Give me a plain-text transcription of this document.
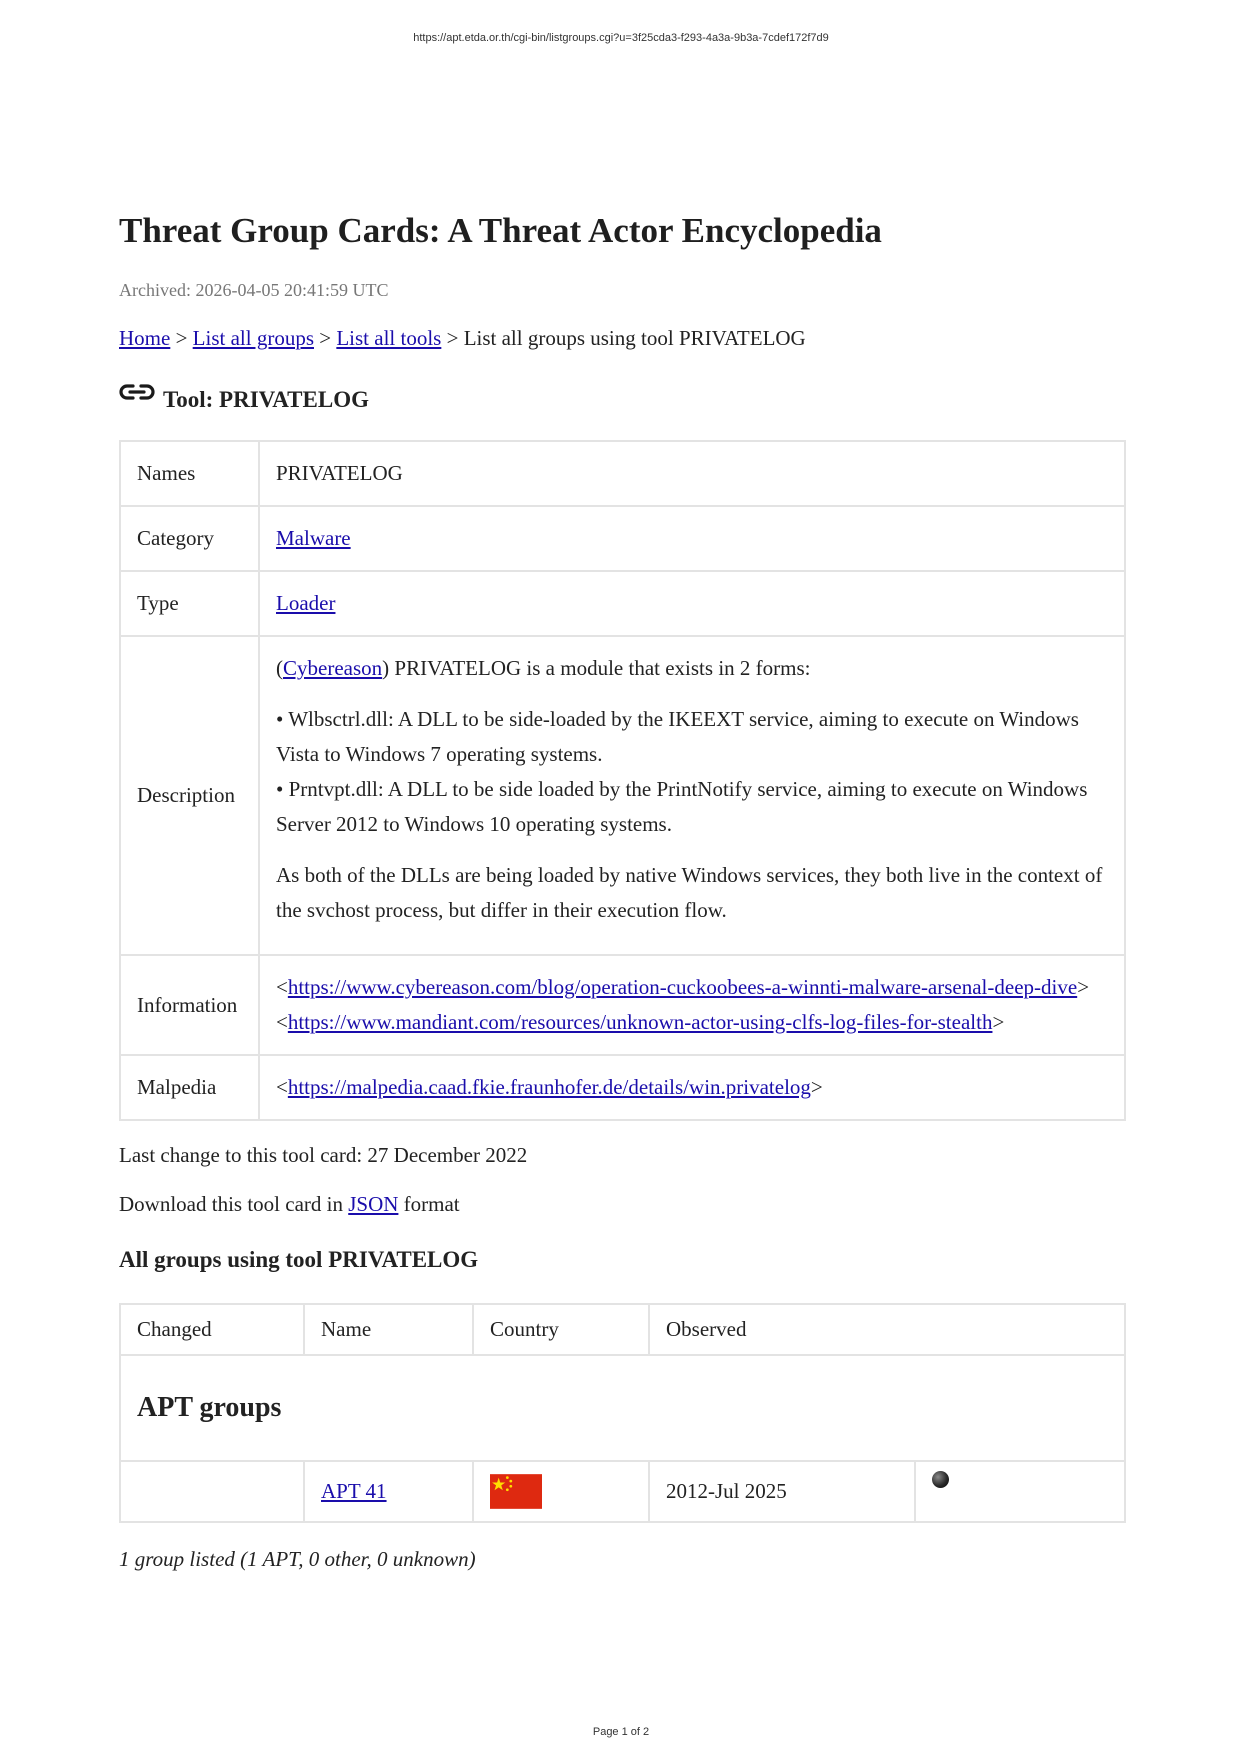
https://apt.etda.or.th/cgi-bin/listgroups.cgi?u=3f25cda3-f293-4a3a-9b3a-7cdef172f7d9
Threat Group Cards: A Threat Actor Encyclopedia
Archived: 2026-04-05 20:41:59 UTC
Home > List all groups > List all tools > List all groups using tool PRIVATELOG
Tool: PRIVATELOG
Names	PRIVATELOG
Category	Malware
Type	Loader
Description	(Cybereason) PRIVATELOG is a module that exists in 2 forms:

• Wlbsctrl.dll: A DLL to be side-loaded by the IKEEXT service, aiming to execute on Windows Vista to Windows 7 operating systems.
• Prntvpt.dll: A DLL to be side loaded by the PrintNotify service, aiming to execute on Windows Server 2012 to Windows 10 operating systems.

As both of the DLLs are being loaded by native Windows services, they both live in the context of the svchost process, but differ in their execution flow.

Information	<https://www.cybereason.com/blog/operation-cuckoobees-a-winnti-malware-arsenal-deep-dive>
<https://www.mandiant.com/resources/unknown-actor-using-clfs-log-files-for-stealth>
Malpedia	<https://malpedia.caad.fkie.fraunhofer.de/details/win.privatelog>
Last change to this tool card: 27 December 2022
Download this tool card in JSON format
All groups using tool PRIVATELOG
Changed	Name	Country	Observed	
APT groups				
	APT 41		2012-Jul 2025	
1 group listed (1 APT, 0 other, 0 unknown)
Page 1 of 2
